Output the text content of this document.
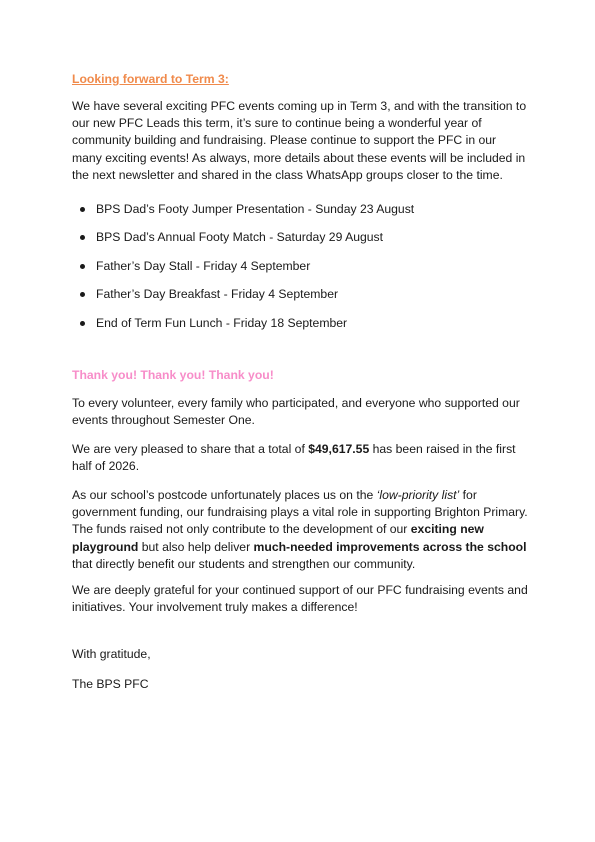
Looking forward to Term 3:

We have several exciting PFC events coming up in Term 3, and with the transition to our new PFC Leads this term, it’s sure to continue being a wonderful year of community building and fundraising. Please continue to support the PFC in our many exciting events! As always, more details about these events will be included in the next newsletter and shared in the class WhatsApp groups closer to the time.

BPS Dad’s Footy Jumper Presentation - Sunday 23 August
BPS Dad’s Annual Footy Match - Saturday 29 August
Father’s Day Stall - Friday 4 September
Father’s Day Breakfast - Friday 4 September
End of Term Fun Lunch - Friday 18 September
Thank you! Thank you! Thank you!

To every volunteer, every family who participated, and everyone who supported our events throughout Semester One.

We are very pleased to share that a total of $49,617.55 has been raised in the first half of 2026.

As our school’s postcode unfortunately places us on the ‘low-priority list’ for government funding, our fundraising plays a vital role in supporting Brighton Primary. The funds raised not only contribute to the development of our exciting new playground but also help deliver much-needed improvements across the school that directly benefit our students and strengthen our community.

We are deeply grateful for your continued support of our PFC fundraising events and initiatives. Your involvement truly makes a difference!

With gratitude,

The BPS PFC
